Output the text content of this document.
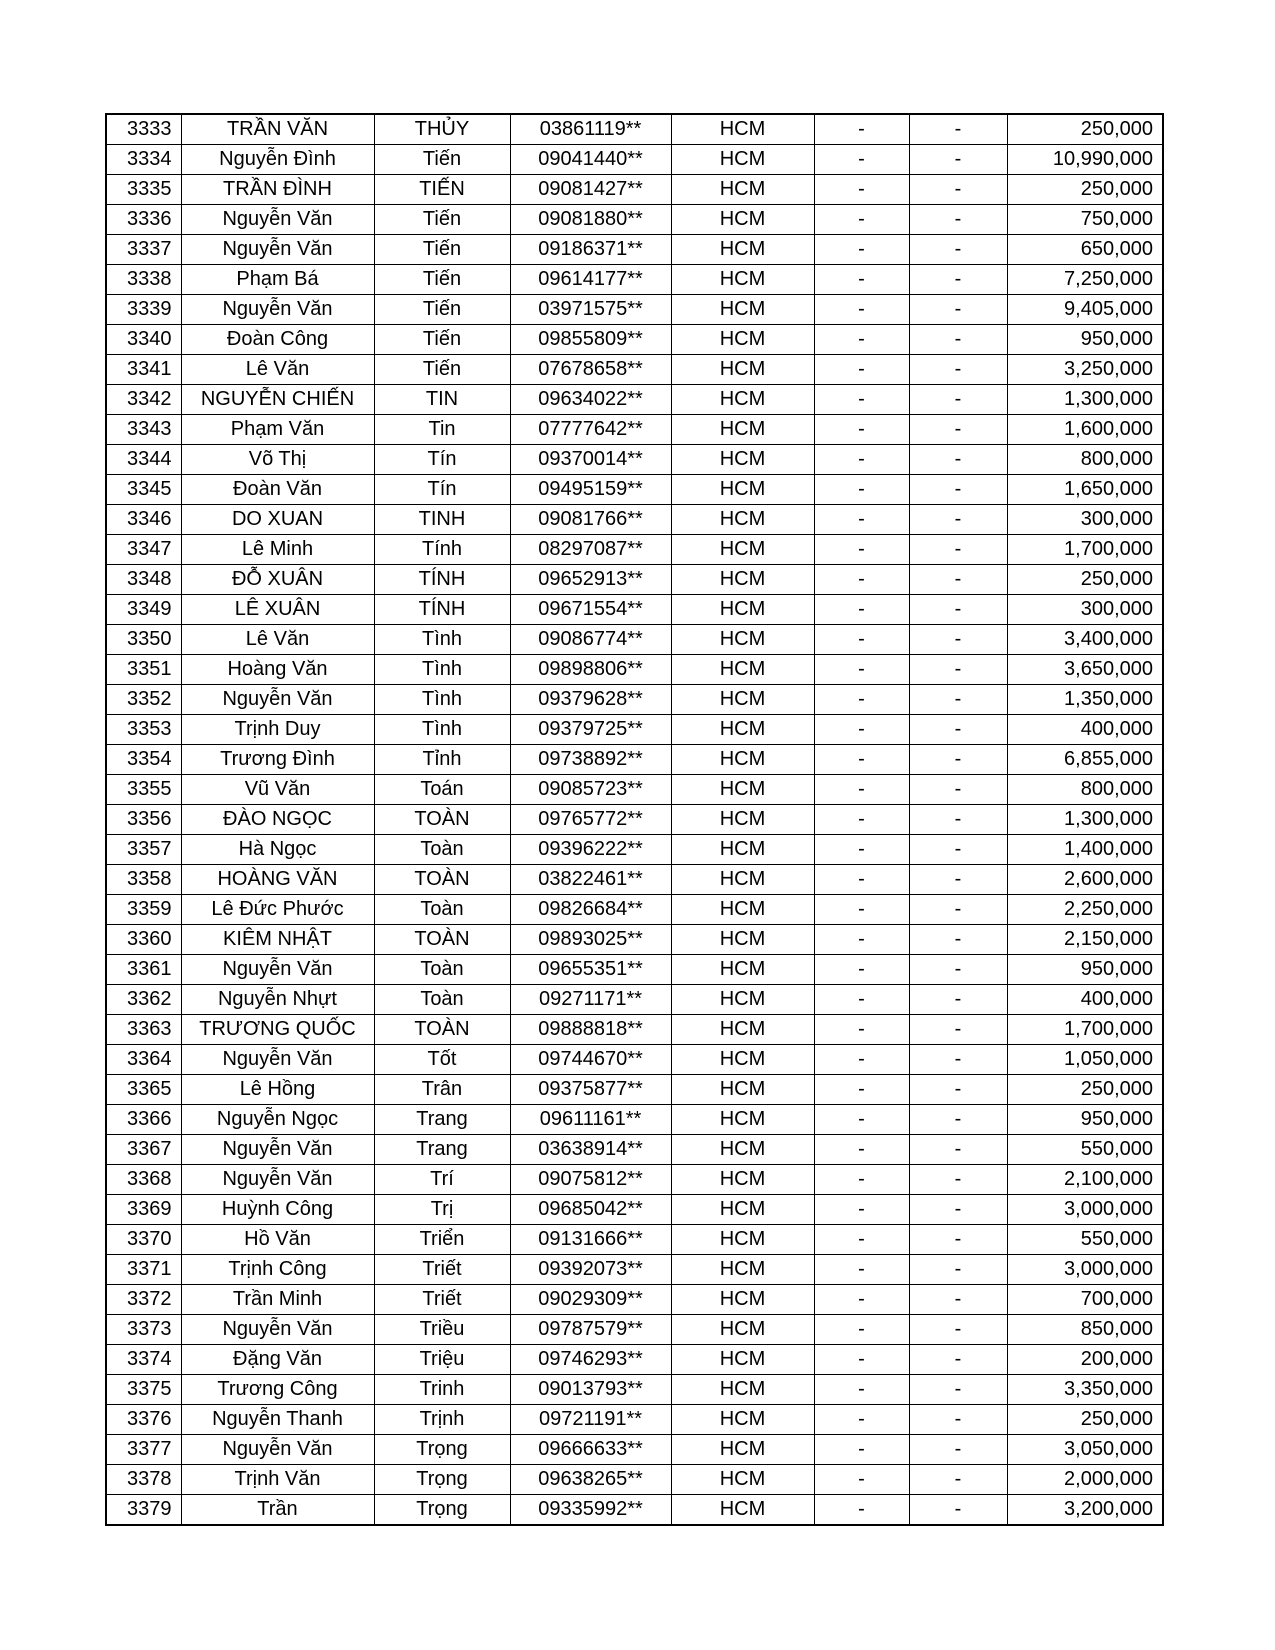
3333	TRẦN VĂN	THỦY	03861119**	HCM	-	-	250,000
3334	Nguyễn Đình	Tiến	09041440**	HCM	-	-	10,990,000
3335	TRẦN ĐÌNH	TIẾN	09081427**	HCM	-	-	250,000
3336	Nguyễn Văn	Tiến	09081880**	HCM	-	-	750,000
3337	Nguyễn Văn	Tiến	09186371**	HCM	-	-	650,000
3338	Phạm Bá	Tiến	09614177**	HCM	-	-	7,250,000
3339	Nguyễn Văn	Tiến	03971575**	HCM	-	-	9,405,000
3340	Đoàn Công	Tiến	09855809**	HCM	-	-	950,000
3341	Lê Văn	Tiến	07678658**	HCM	-	-	3,250,000
3342	NGUYỄN CHIẾN	TIN	09634022**	HCM	-	-	1,300,000
3343	Phạm Văn	Tin	07777642**	HCM	-	-	1,600,000
3344	Võ Thị	Tín	09370014**	HCM	-	-	800,000
3345	Đoàn Văn	Tín	09495159**	HCM	-	-	1,650,000
3346	DO XUAN	TINH	09081766**	HCM	-	-	300,000
3347	Lê Minh	Tính	08297087**	HCM	-	-	1,700,000
3348	ĐỖ XUÂN	TÍNH	09652913**	HCM	-	-	250,000
3349	LÊ XUÂN	TÍNH	09671554**	HCM	-	-	300,000
3350	Lê Văn	Tình	09086774**	HCM	-	-	3,400,000
3351	Hoàng Văn	Tình	09898806**	HCM	-	-	3,650,000
3352	Nguyễn Văn	Tình	09379628**	HCM	-	-	1,350,000
3353	Trịnh Duy	Tình	09379725**	HCM	-	-	400,000
3354	Trương Đình	Tỉnh	09738892**	HCM	-	-	6,855,000
3355	Vũ Văn	Toán	09085723**	HCM	-	-	800,000
3356	ĐÀO NGỌC	TOÀN	09765772**	HCM	-	-	1,300,000
3357	Hà Ngọc	Toàn	09396222**	HCM	-	-	1,400,000
3358	HOÀNG VĂN	TOÀN	03822461**	HCM	-	-	2,600,000
3359	Lê Đức Phước	Toàn	09826684**	HCM	-	-	2,250,000
3360	KIÊM NHẬT	TOÀN	09893025**	HCM	-	-	2,150,000
3361	Nguyễn Văn	Toàn	09655351**	HCM	-	-	950,000
3362	Nguyễn Nhựt	Toàn	09271171**	HCM	-	-	400,000
3363	TRƯƠNG QUỐC	TOÀN	09888818**	HCM	-	-	1,700,000
3364	Nguyễn Văn	Tốt	09744670**	HCM	-	-	1,050,000
3365	Lê Hồng	Trân	09375877**	HCM	-	-	250,000
3366	Nguyễn Ngọc	Trang	09611161**	HCM	-	-	950,000
3367	Nguyễn Văn	Trang	03638914**	HCM	-	-	550,000
3368	Nguyễn Văn	Trí	09075812**	HCM	-	-	2,100,000
3369	Huỳnh Công	Trị	09685042**	HCM	-	-	3,000,000
3370	Hồ Văn	Triển	09131666**	HCM	-	-	550,000
3371	Trịnh Công	Triết	09392073**	HCM	-	-	3,000,000
3372	Trần Minh	Triết	09029309**	HCM	-	-	700,000
3373	Nguyễn Văn	Triều	09787579**	HCM	-	-	850,000
3374	Đặng Văn	Triệu	09746293**	HCM	-	-	200,000
3375	Trương Công	Trinh	09013793**	HCM	-	-	3,350,000
3376	Nguyễn Thanh	Trịnh	09721191**	HCM	-	-	250,000
3377	Nguyễn Văn	Trọng	09666633**	HCM	-	-	3,050,000
3378	Trịnh Văn	Trọng	09638265**	HCM	-	-	2,000,000
3379	Trần	Trọng	09335992**	HCM	-	-	3,200,000
